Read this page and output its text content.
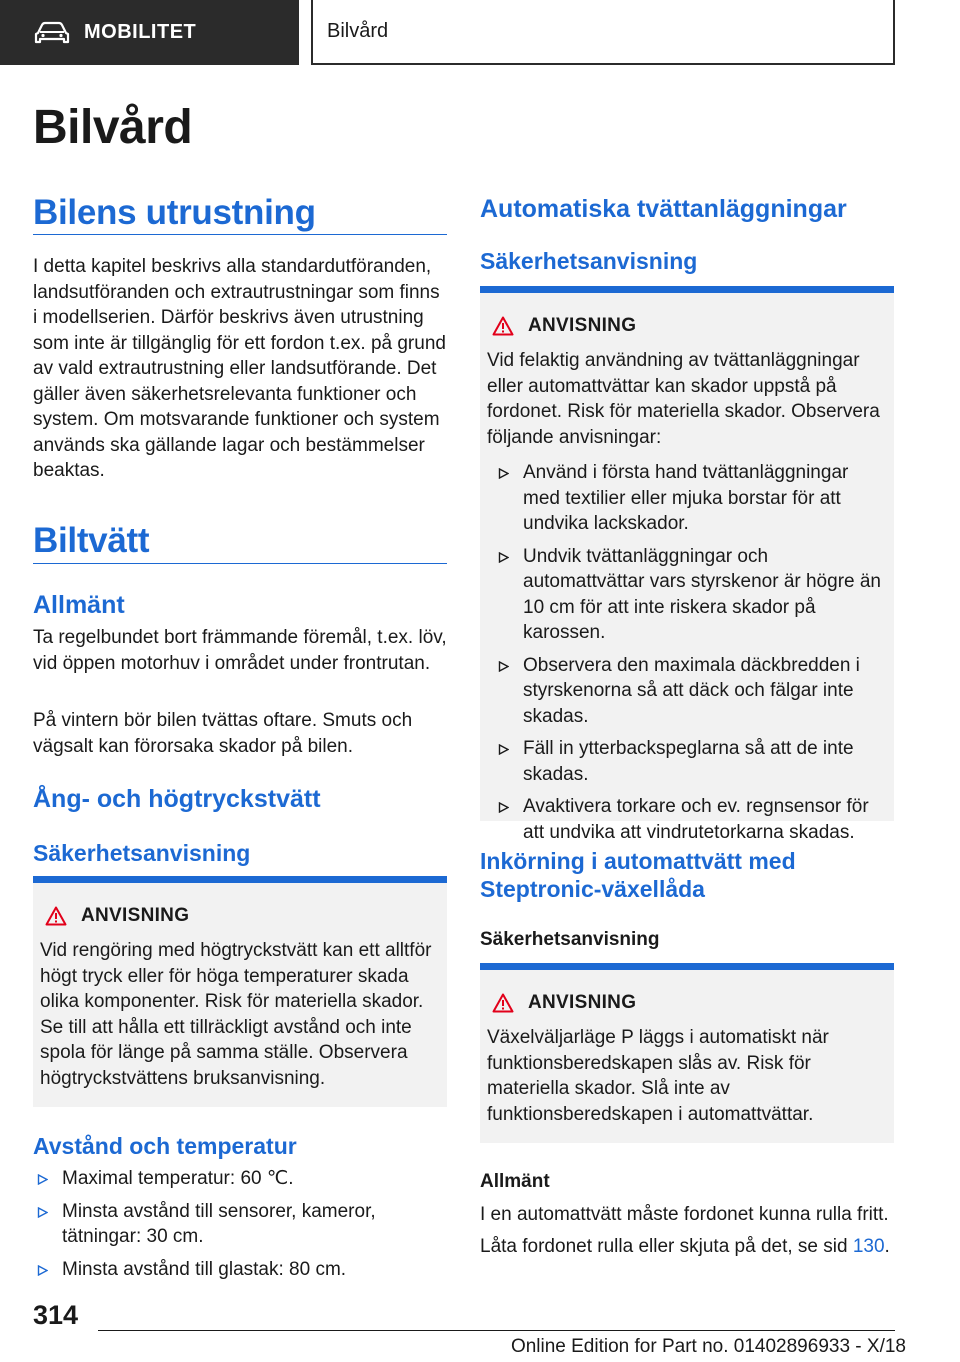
MOBILITET	Bilvård
Bilvård
Bilens utrustning
I detta kapitel beskrivs alla standardutföranden, landsutföranden och extrautrustningar som finns i modellserien. Därför beskrivs även utrustning som inte är tillgänglig för ett fordon t.ex. på grund av vald extrautrustning eller landsutförande. Det gäller även säkerhetsrelevanta funktioner och system. Om motsvarande funktioner och system används ska gällande lagar och bestämmelser beaktas.
Biltvätt
Allmänt
Ta regelbundet bort främmande föremål, t.ex. löv, vid öppen motorhuv i området under frontrutan.
På vintern bör bilen tvättas oftare. Smuts och vägsalt kan förorsaka skador på bilen.
Ång- och högtryckstvätt
Säkerhetsanvisning
ANVISNING
Vid rengöring med högtryckstvätt kan ett alltför högt tryck eller för höga temperaturer skada olika komponenter. Risk för materiella skador. Se till att hålla ett tillräckligt avstånd och inte spola för länge på samma ställe. Observera högtryckstvättens bruksanvisning.
Avstånd och temperatur
Maximal temperatur: 60 ℃.
Minsta avstånd till sensorer, kameror, tätningar: 30 cm.
Minsta avstånd till glastak: 80 cm.
Automatiska tvättanläggningar
Säkerhetsanvisning
ANVISNING
Vid felaktig användning av tvättanläggningar eller automattvättar kan skador uppstå på fordonet. Risk för materiella skador. Observera följande anvisningar:
Använd i första hand tvättanläggningar med textilier eller mjuka borstar för att undvika lackskador.
Undvik tvättanläggningar och automattvättar vars styrskenor är högre än 10 cm för att inte riskera skador på karossen.
Observera den maximala däckbredden i styrskenorna så att däck och fälgar inte skadas.
Fäll in ytterbackspeglarna så att de inte skadas.
Avaktivera torkare och ev. regnsensor för att undvika att vindrutetorkarna skadas.
Inkörning i automattvätt med Steptronic-växellåda
Säkerhetsanvisning
ANVISNING
Växelväljarläge P läggs i automatiskt när funktionsberedskapen slås av. Risk för materiella skador. Slå inte av funktionsberedskapen i automattvättar.
Allmänt
I en automattvätt måste fordonet kunna rulla fritt.
Låta fordonet rulla eller skjuta på det, se sid 130.
314
Online Edition for Part no. 01402896933 - X/18
